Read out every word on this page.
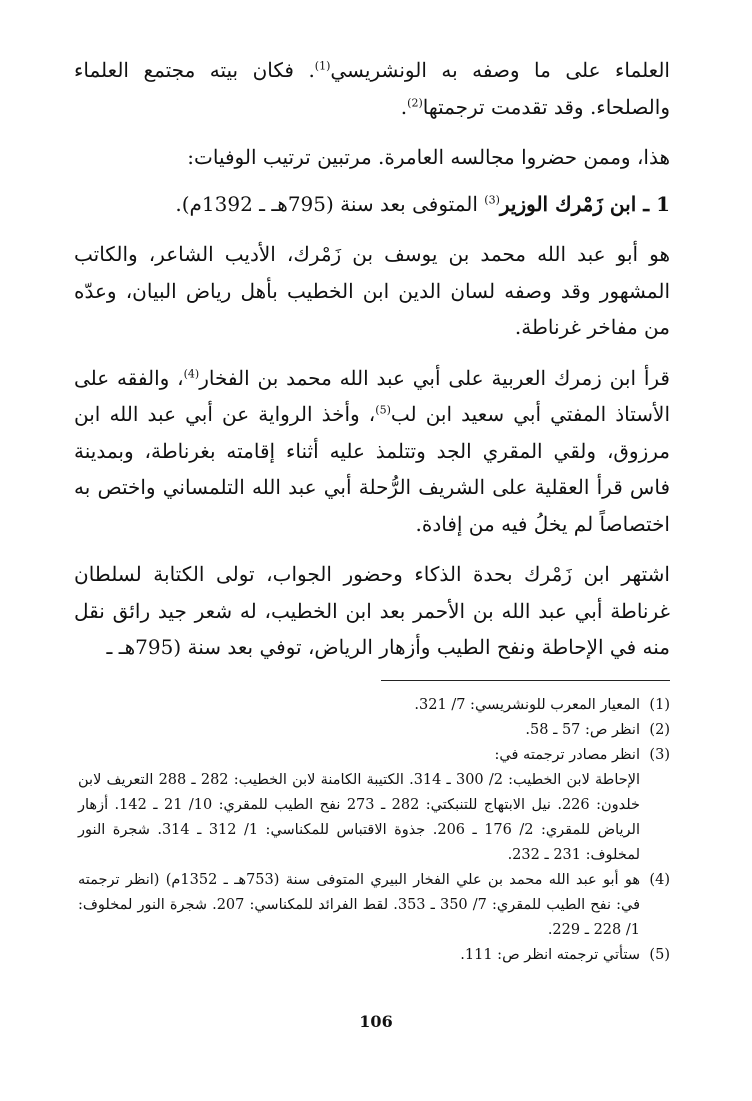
العلماء على ما وصفه به الونشريسي$^{(1)}$. فكان بيته مجتمع العلماء والصلحاء. وقد تقدمت ترجمتها$^{(2)}$.

هذا، وممن حضروا مجالسه العامرة. مرتبين ترتيب الوفيات:

1 ـ ابن زَمْرك الوزير$^{(3)}$ المتوفى بعد سنة (795هـ ـ 1392م).

هو أبو عبد الله محمد بن يوسف بن زَمْرك، الأديب الشاعر، والكاتب المشهور وقد وصفه لسان الدين ابن الخطيب بأهل رياض البيان، وعدّه من مفاخر غرناطة.

قرأ ابن زمرك العربية على أبي عبد الله محمد بن الفخار$^{(4)}$، والفقه على الأستاذ المفتي أبي سعيد ابن لب$^{(5)}$، وأخذ الرواية عن أبي عبد الله ابن مرزوق، ولقي المقري الجد وتتلمذ عليه أثناء إقامته بغرناطة، وبمدينة فاس قرأ العقلية على الشريف الرُّحلة أبي عبد الله التلمساني واختص به اختصاصاً لم يخلُ فيه من إفادة.

اشتهر ابن زَمْرك بحدة الذكاء وحضور الجواب، تولى الكتابة لسلطان غرناطة أبي عبد الله بن الأحمر بعد ابن الخطيب، له شعر جيد رائق نقل منه في الإحاطة ونفح الطيب وأزهار الرياض، توفي بعد سنة (795هـ ـ

(1)
المعيار المعرب للونشريسي: 7/ 321.
(2)
انظر ص: 57 ـ 58.
(3)
انظر مصادر ترجمته في:
الإحاطة لابن الخطيب: 2/ 300 ـ 314. الكتيبة الكامنة لابن الخطيب: 282 ـ 288 التعريف لابن خلدون: 226. نيل الابتهاج للتنبكتي: 282 ـ 273 نفح الطيب للمقري: 10/ 21 ـ 142. أزهار الرياض للمقري: 2/ 176 ـ 206. جذوة الاقتباس للمكناسي: 1/ 312 ـ 314. شجرة النور لمخلوف: 231 ـ 232.
(4)
هو أبو عبد الله محمد بن علي الفخار البيري المتوفى سنة (753هـ ـ 1352م) (انظر ترجمته في: نفح الطيب للمقري: 7/ 350 ـ 353. لقط الفرائد للمكناسي: 207. شجرة النور لمخلوف: 1/ 228 ـ 229.
(5)
ستأتي ترجمته انظر ص: 111.
106
